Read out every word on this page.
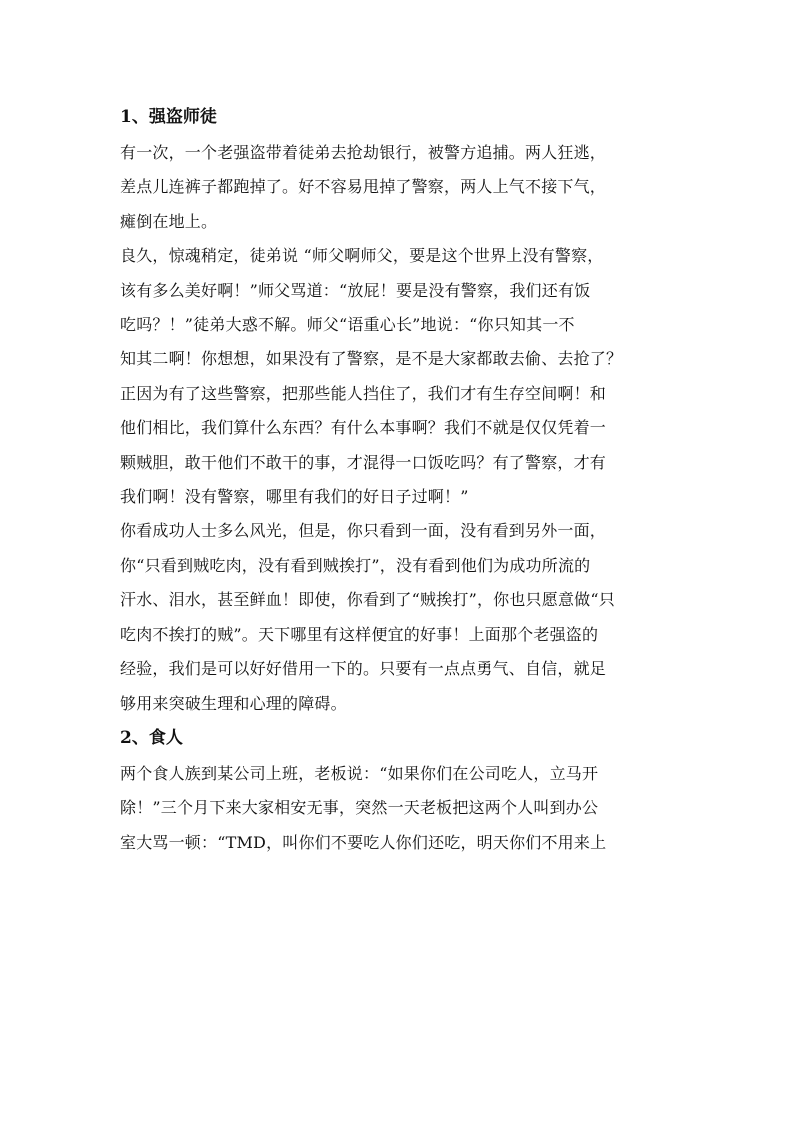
1、强盗师徒

有一次，一个老强盗带着徒弟去抢劫银行，被警方追捕。两人狂逃，
差点儿连裤子都跑掉了。好不容易甩掉了警察，两人上气不接下气，
瘫倒在地上。

良久，惊魂稍定，徒弟说 “师父啊师父，要是这个世界上没有警察，
该有多么美好啊！”师父骂道：“放屁！要是没有警察，我们还有饭
吃吗？！”徒弟大惑不解。师父“语重心长”地说：“你只知其一不
知其二啊！你想想，如果没有了警察，是不是大家都敢去偷、去抢了？
正因为有了这些警察，把那些能人挡住了，我们才有生存空间啊！和
他们相比，我们算什么东西？有什么本事啊？我们不就是仅仅凭着一
颗贼胆，敢干他们不敢干的事，才混得一口饭吃吗？有了警察，才有
我们啊！没有警察，哪里有我们的好日子过啊！”

你看成功人士多么风光，但是，你只看到一面，没有看到另外一面，
你“只看到贼吃肉，没有看到贼挨打”，没有看到他们为成功所流的
汗水、泪水，甚至鲜血！即使，你看到了“贼挨打”，你也只愿意做“只
吃肉不挨打的贼”。天下哪里有这样便宜的好事！上面那个老强盗的
经验，我们是可以好好借用一下的。只要有一点点勇气、自信，就足
够用来突破生理和心理的障碍。

2、食人

两个食人族到某公司上班，老板说：“如果你们在公司吃人，立马开
除！”三个月下来大家相安无事，突然一天老板把这两个人叫到办公
室大骂一顿：“TMD，叫你们不要吃人你们还吃，明天你们不用来上
